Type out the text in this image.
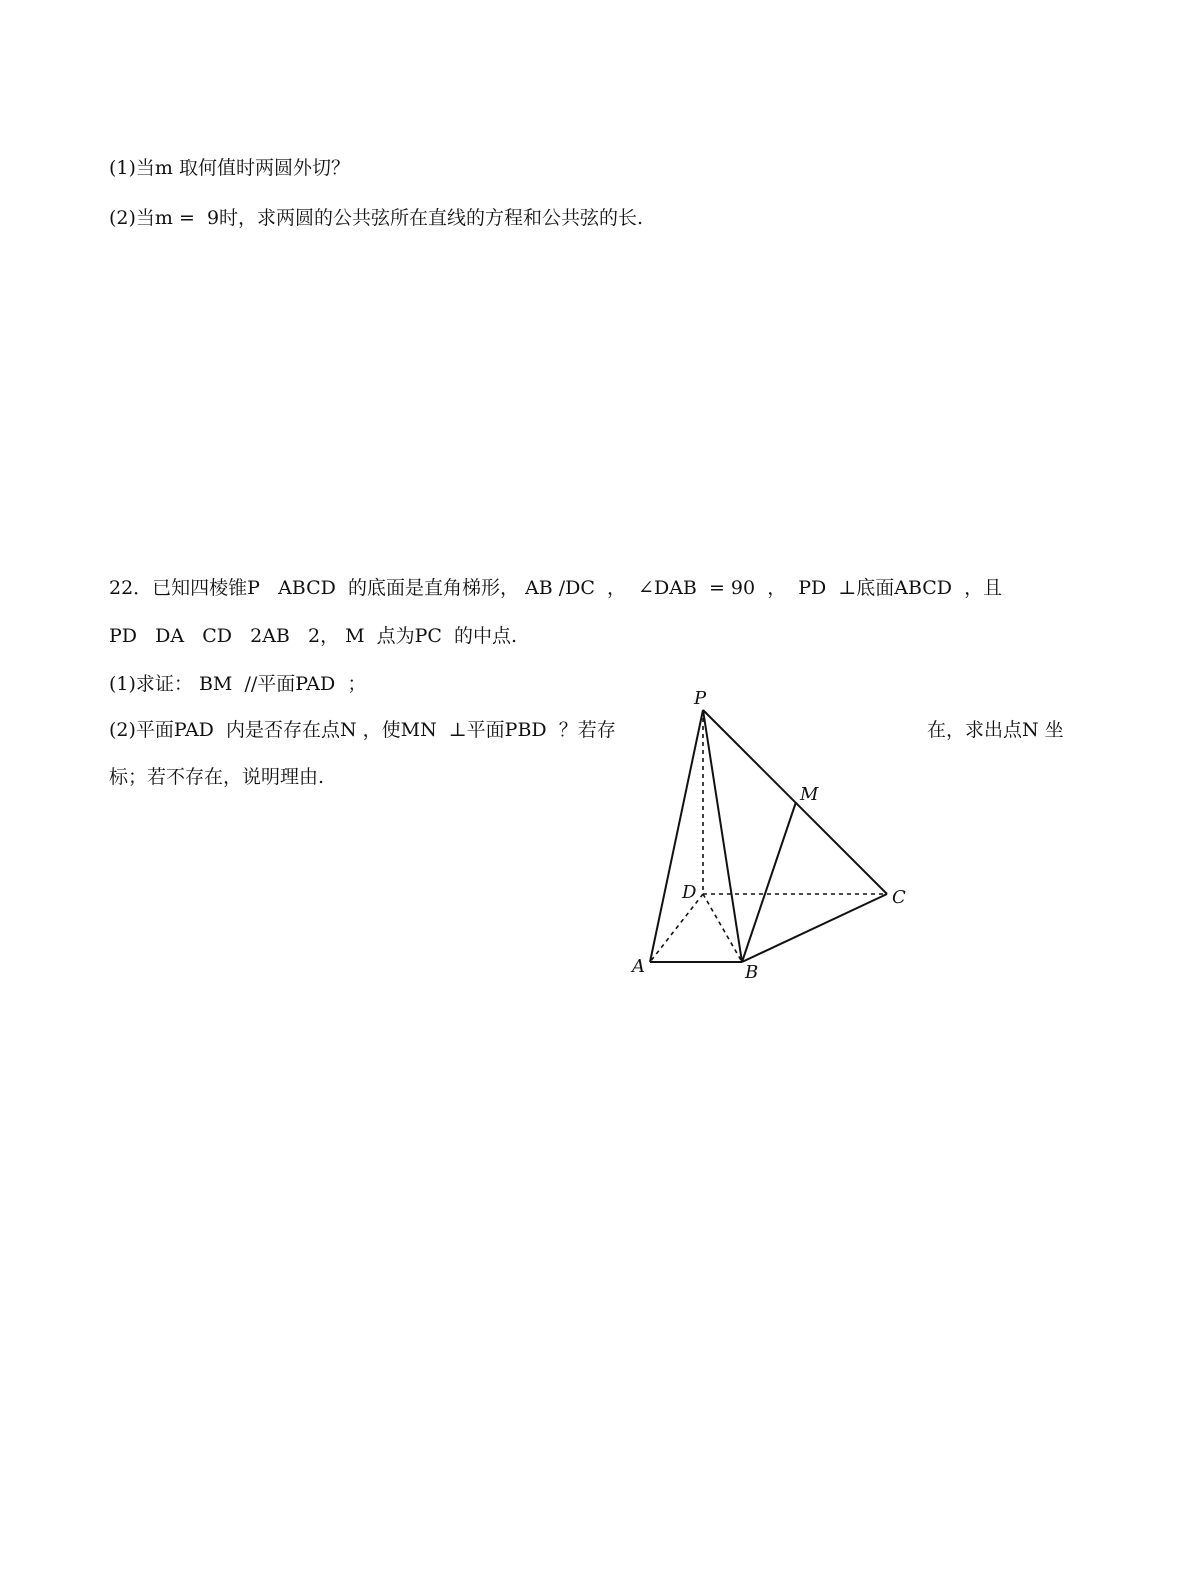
(1)当m 取何值时两圆外切？
(2)当m =  9时，求两圆的公共弦所在直线的方程和公共弦的长.
22．已知四棱锥P   ABCD  的底面是直角梯形， AB /DC  ，  ∠DAB  = 90  ，  PD  ⊥底面ABCD  ，且
PD   DA   CD   2AB   2， M  点为PC  的中点.
(1)求证： BM  //平面PAD  ；
(2)平面PAD  内是否存在点N ，使MN  ⊥平面PBD  ？若存	在，求出点N 坐
标；若不存在，说明理由.
P
M
D	C
A	B
